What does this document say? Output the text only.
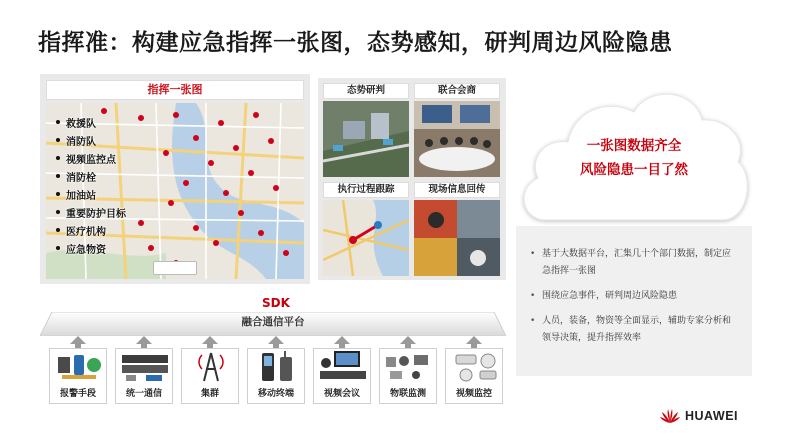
指挥准：构建应急指挥一张图，态势感知，研判周边风险隐患
指挥一张图
救援队
消防队
视频监控点
消防栓
加油站
重要防护目标
医疗机构
应急物资
态势研判	联合会商
执行过程跟踪	现场信息回传
一张图数据齐全
风险隐患一目了然
• 基于大数据平台，汇集几十个部门数据，制定应急指挥一张图
• 围绕应急事件，研判周边风险隐患
• 人员，装备，物资等全面显示，辅助专家分析和领导决策，提升指挥效率
SDK
融合通信平台
报警手段	统一通信	集群	移动终端	视频会议	物联监测	视频监控
HUAWEI
